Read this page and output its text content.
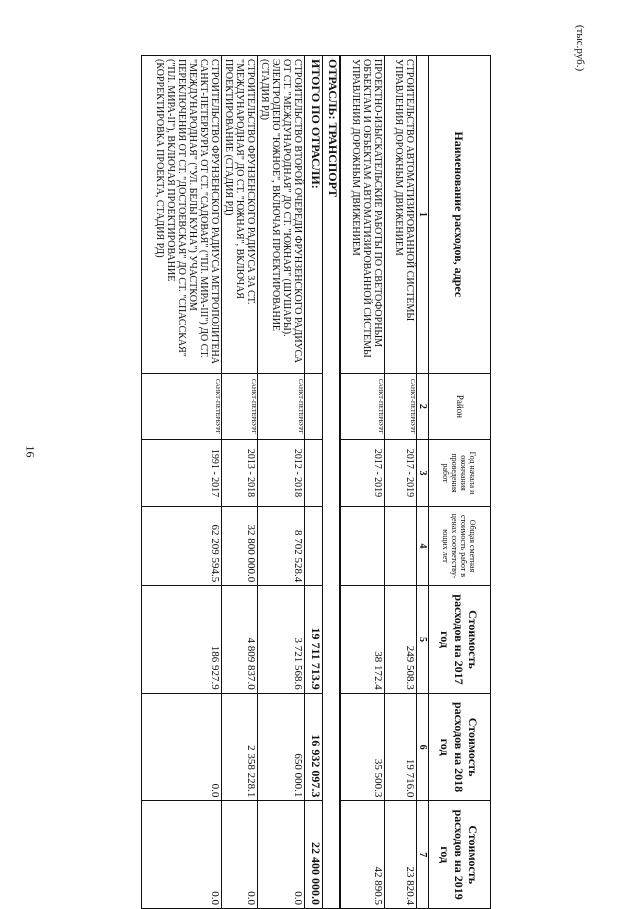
16
(тыс.руб.)
Наименование расходов, адрес	Район	Год начала и окончания проведения работ	Общая сметная стоимость работ в ценах соответству-ющих лет	Стоимость расходов на 2017 год	Стоимость расходов на 2018 год	Стоимость расходов на 2019 год
1	2	3	4	5	6	7
СТРОИТЕЛЬСТВО АВТОМАТИЗИРОВАННОЙ СИСТЕМЫ УПРАВЛЕНИЯ ДОРОЖНЫМ ДВИЖЕНИЕМ	САНКТ-ПЕТЕРБУРГ	2017 - 2019		249 508.3	19 716.0	23 820.4
ПРОЕКТНО-ИЗЫСКАТЕЛЬСКИЕ РАБОТЫ ПО СВЕТОФОРНЫМ ОБЪЕКТАМ И ОБЪЕКТАМ АВТОМАТИЗИРОВАННОЙ СИСТЕМЫ УПРАВЛЕНИЯ ДОРОЖНЫМ ДВИЖЕНИЕМ	САНКТ-ПЕТЕРБУРГ	2017 - 2019		38 172.4	35 500.3	42 890.5
ОТРАСЛЬ: ТРАНСПОРТ						
ИТОГО ПО ОТРАСЛИ:				19 711 713.9	16 932 097.3	22 400 000.0
СТРОИТЕЛЬСТВО ВТОРОЙ ОЧЕРЕДИ ФРУНЗЕНСКОГО РАДИУСА ОТ СТ. "МЕЖДУНАРОДНАЯ" ДО СТ. "ЮЖНАЯ" (ШУШАРЫ). ЭЛЕКТРОДЕПО "ЮЖНОЕ", ВКЛЮЧАЯ ПРОЕКТИРОВАНИЕ (СТАДИЯ РД)	САНКТ-ПЕТЕРБУРГ	2012 - 2018	8 702 528.4	3 721 568.6	650 000.1	0.0
СТРОИТЕЛЬСТВО ФРУНЗЕНСКОГО РАДИУСА ЗА СТ. "МЕЖДУНАРОДНАЯ" ДО СТ. "ЮЖНАЯ", ВКЛЮЧАЯ ПРОЕКТИРОВАНИЕ (СТАДИЯ РД)	САНКТ-ПЕТЕРБУРГ	2013 - 2018	32 800 000.0	4 809 837.0	2 358 228.1	0.0
СТРОИТЕЛЬСТВО ФРУНЗЕНСКОГО РАДИУСА МЕТРОПОЛИТЕНА САНКТ-ПЕТЕРБУРГА ОТ СТ. "САДОВАЯ" ("ПЛ. МИРА-III") ДО СТ. "МЕЖДУНАРОДНАЯ" ("УЛ. БЕЛЫ КУНА") УЧАСТКОМ ПЕРЕКЛЮЧЕНИЯ ОТ СТ. "ДОСТОЕВСКАЯ" ДО СТ. "СПАССКАЯ" ("ПЛ. МИРА-II"), ВКЛЮЧАЯ ПРОЕКТИРОВАНИЕ (КОРРЕКТИРОВКА ПРОЕКТА, СТАДИЯ РД)	САНКТ-ПЕТЕРБУРГ	1991 - 2017	62 209 594.5	186 927.9	0.0	0.0
